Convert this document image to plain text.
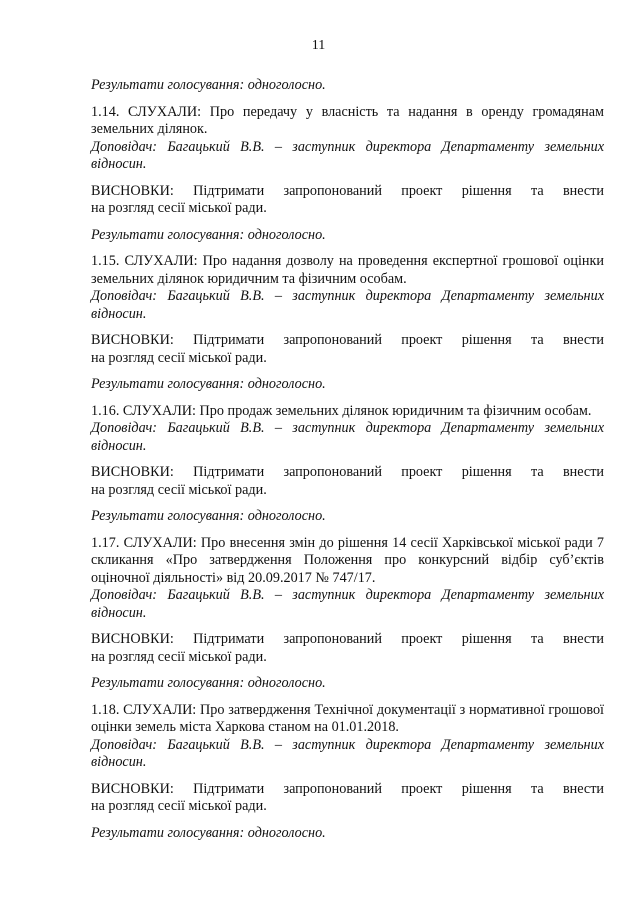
11

Результати голосування: одноголосно.

1.14. СЛУХАЛИ: Про передачу у власність та надання в оренду громадянам земельних ділянок.

Доповідач: Багацький В.В. – заступник директора Департаменту земельних відносин.

ВИСНОВКИ: Підтримати запропонований проект рішення та внести

на розгляд сесії міської ради.

Результати голосування: одноголосно.

1.15. СЛУХАЛИ: Про надання дозволу на проведення експертної грошової оцінки земельних ділянок юридичним та фізичним особам.

Доповідач: Багацький В.В. – заступник директора Департаменту земельних відносин.

ВИСНОВКИ: Підтримати запропонований проект рішення та внести

на розгляд сесії міської ради.

Результати голосування: одноголосно.

1.16. СЛУХАЛИ: Про продаж земельних ділянок юридичним та фізичним особам.

Доповідач: Багацький В.В. – заступник директора Департаменту земельних відносин.

ВИСНОВКИ: Підтримати запропонований проект рішення та внести

на розгляд сесії міської ради.

Результати голосування: одноголосно.

1.17. СЛУХАЛИ: Про внесення змін до рішення 14 сесії Харківської міської ради 7 скликання «Про затвердження Положення про конкурсний відбір суб’єктів оціночної діяльності» від 20.09.2017 № 747/17.

Доповідач: Багацький В.В. – заступник директора Департаменту земельних відносин.

ВИСНОВКИ: Підтримати запропонований проект рішення та внести

на розгляд сесії міської ради.

Результати голосування: одноголосно.

1.18. СЛУХАЛИ: Про затвердження Технічної документації з нормативної грошової оцінки земель міста Харкова станом на 01.01.2018.

Доповідач: Багацький В.В. – заступник директора Департаменту земельних відносин.

ВИСНОВКИ: Підтримати запропонований проект рішення та внести

на розгляд сесії міської ради.

Результати голосування: одноголосно.
